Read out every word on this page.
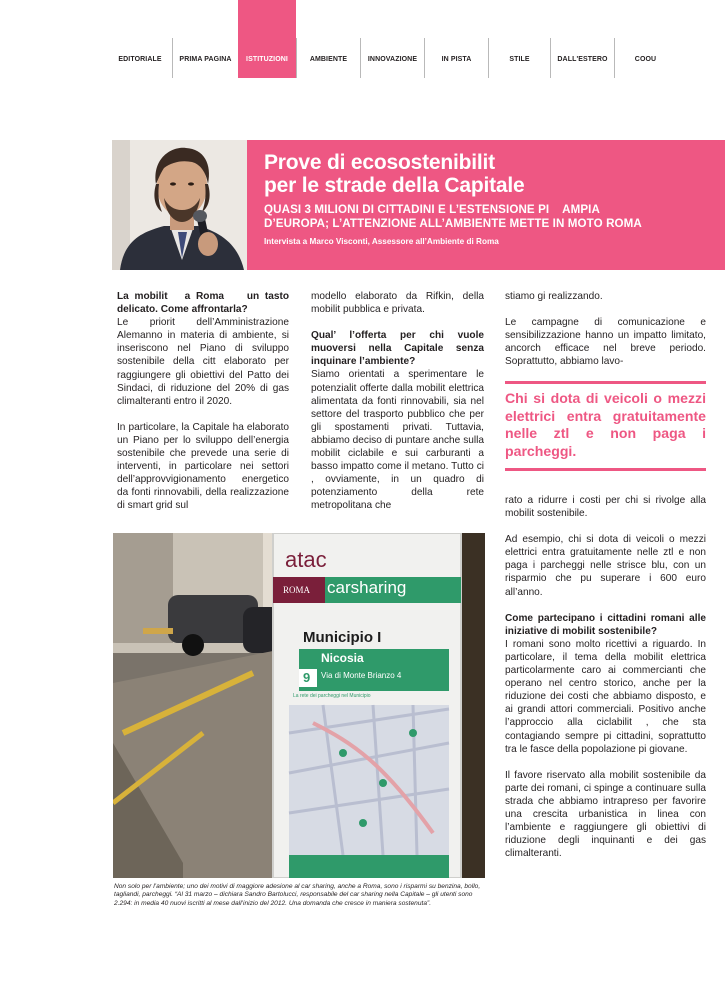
EDITORIALE	PRIMA PAGINA ISTITUZIONI	AMBIENTE	INNOVAZIONE	IN PISTA	STILE	DALL'ESTERO	COOU
Prove di ecosostenibilit
per le strade della Capitale

QUASI 3 MILIONI DI CITTADINI E L’ESTENSIONE PI    AMPIA
D’EUROPA; L’ATTENZIONE ALL’AMBIENTE METTE IN MOTO ROMA

Intervista a Marco Visconti, Assessore all’Ambiente di Roma

La mobilit   a Roma    un tasto delicato. Come affrontarla?

Le priorit dell’Amministrazione Alemanno in materia di ambiente, si inseriscono nel Piano di sviluppo sostenibile della citt elaborato per raggiungere gli obiettivi del Patto dei Sindaci, di riduzione del 20% di gas climalteranti entro il 2020.

In particolare, la Capitale ha elaborato un Piano per lo sviluppo dell’energia sostenibile che prevede una serie di interventi, in particolare nei settori dell’approvvigionamento energetico da fonti rinnovabili, della realizzazione di smart grid sul

modello elaborato da Rifkin, della mobilit pubblica e privata.

Qual’ l’offerta per chi vuole muoversi nella Capitale senza inquinare l’ambiente?

Siamo orientati a sperimentare le potenzialit offerte dalla mobilit elettrica alimentata da fonti rinnovabili, sia nel settore del trasporto pubblico che per gli spostamenti privati. Tuttavia, abbiamo deciso di puntare anche sulla mobilit ciclabile e sui carburanti a basso impatto come il metano. Tutto ci , ovviamente, in un quadro di potenziamento della rete metropolitana che

stiamo gi realizzando.

Le campagne di comunicazione e sensibilizzazione hanno un impatto limitato, ancorch efficace nel breve periodo. Soprattutto, abbiamo lavo-

Chi si dota di veicoli o mezzi elettrici entra gratuitamente nelle ztl e non paga i parcheggi.

rato a ridurre i costi per chi si rivolge alla mobilit sostenibile.

Ad esempio, chi si dota di veicoli o mezzi elettrici entra gratuitamente nelle ztl e non paga i parcheggi nelle strisce blu, con un risparmio che pu superare i 600 euro all’anno.

Come partecipano i cittadini romani alle iniziative di mobilit sostenibile?

I romani sono molto ricettivi a riguardo. In particolare, il tema della mobilit elettrica particolarmente caro ai commercianti che operano nel centro storico, anche per la riduzione dei costi che abbiamo disposto, e ai grandi attori commerciali. Positivo anche l’approccio alla ciclabilit , che sta contagiando sempre pi cittadini, soprattutto tra le fasce della popolazione pi giovane.

Il favore riservato alla mobilit sostenibile da parte dei romani, ci spinge a continuare sulla strada che abbiamo intrapreso per favorire una crescita urbanistica in linea con l’ambiente e raggiungere gli obiettivi di riduzione degli inquinanti e dei gas climalteranti.

atac
ROMA carsharing
Municipio I
9
Nicosia
Via di Monte Brianzo 4
La rete dei parcheggi nel Municipio
Non solo per l’ambiente; uno dei motivi di maggiore adesione al car sharing, anche a Roma, sono i risparmi su benzina, bollo, tagliandi, parcheggi. “Al 31 marzo – dichiara Sandro Bartolucci, responsabile del car sharing nella Capitale – gli utenti sono 2.294: in media 40 nuovi iscritti al mese dall’inizio del 2012. Una domanda che cresce in maniera sostenuta”.
